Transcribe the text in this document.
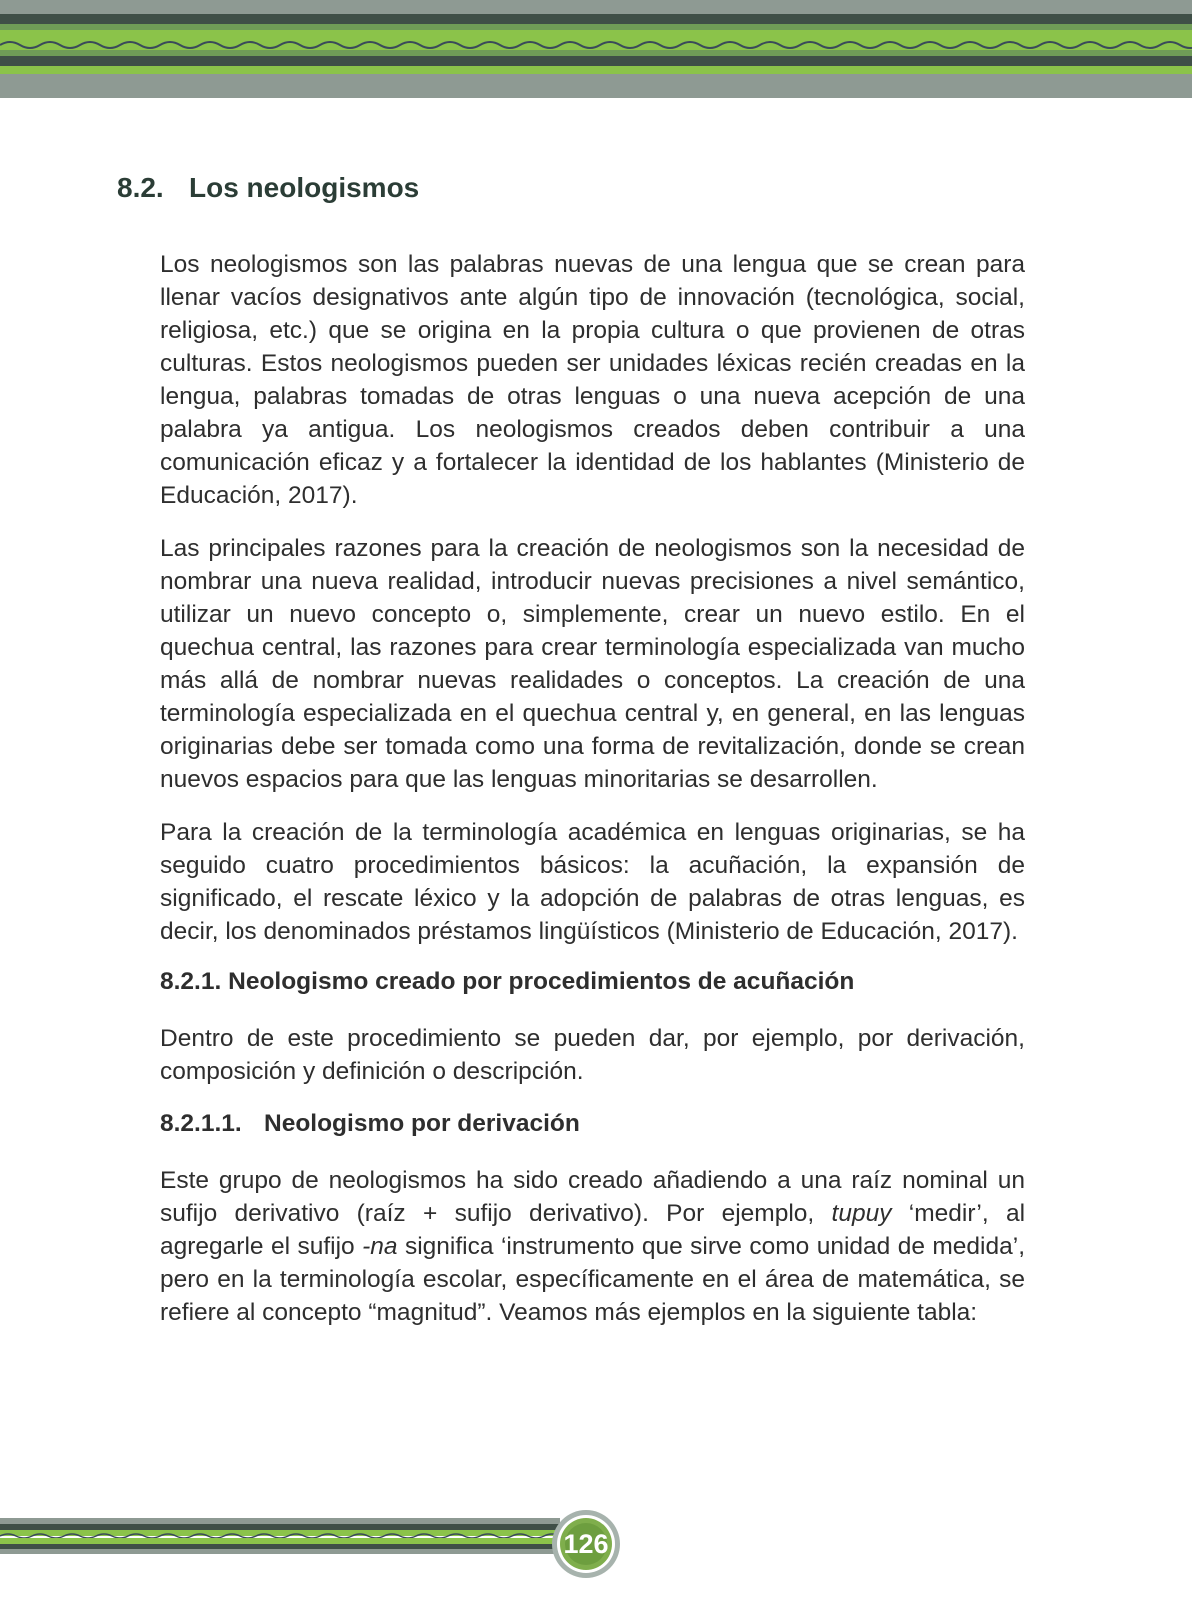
8.2. Los neologismos

Los neologismos son las palabras nuevas de una lengua que se crean para llenar vacíos designativos ante algún tipo de innovación (tecnológica, social, religiosa, etc.) que se origina en la propia cultura o que provienen de otras culturas. Estos neologismos pueden ser unidades léxicas recién creadas en la lengua, palabras tomadas de otras lenguas o una nueva acepción de una palabra ya antigua. Los neologismos creados deben contribuir a una comunicación eficaz y a fortalecer la identidad de los hablantes (Ministerio de Educación, 2017).

Las principales razones para la creación de neologismos son la necesidad de nombrar una nueva realidad, introducir nuevas precisiones a nivel semántico, utilizar un nuevo concepto o, simplemente, crear un nuevo estilo. En el quechua central, las razones para crear terminología especializada van mucho más allá de nombrar nuevas realidades o conceptos. La creación de una terminología especializada en el quechua central y, en general, en las lenguas originarias debe ser tomada como una forma de revitalización, donde se crean nuevos espacios para que las lenguas minoritarias se desarrollen.

Para la creación de la terminología académica en lenguas originarias, se ha seguido cuatro procedimientos básicos: la acuñación, la expansión de significado, el rescate léxico y la adopción de palabras de otras lenguas, es decir, los denominados préstamos lingüísticos (Ministerio de Educación, 2017).

8.2.1. Neologismo creado por procedimientos de acuñación

Dentro de este procedimiento se pueden dar, por ejemplo, por derivación, composición y definición o descripción.

8.2.1.1. Neologismo por derivación

Este grupo de neologismos ha sido creado añadiendo a una raíz nominal un sufijo derivativo (raíz + sufijo derivativo). Por ejemplo, tupuy ‘medir’, al agregarle el sufijo -na significa ‘instrumento que sirve como unidad de medida’, pero en la terminología escolar, específicamente en el área de matemática, se refiere al concepto “magnitud”. Veamos más ejemplos en la siguiente tabla:

126
